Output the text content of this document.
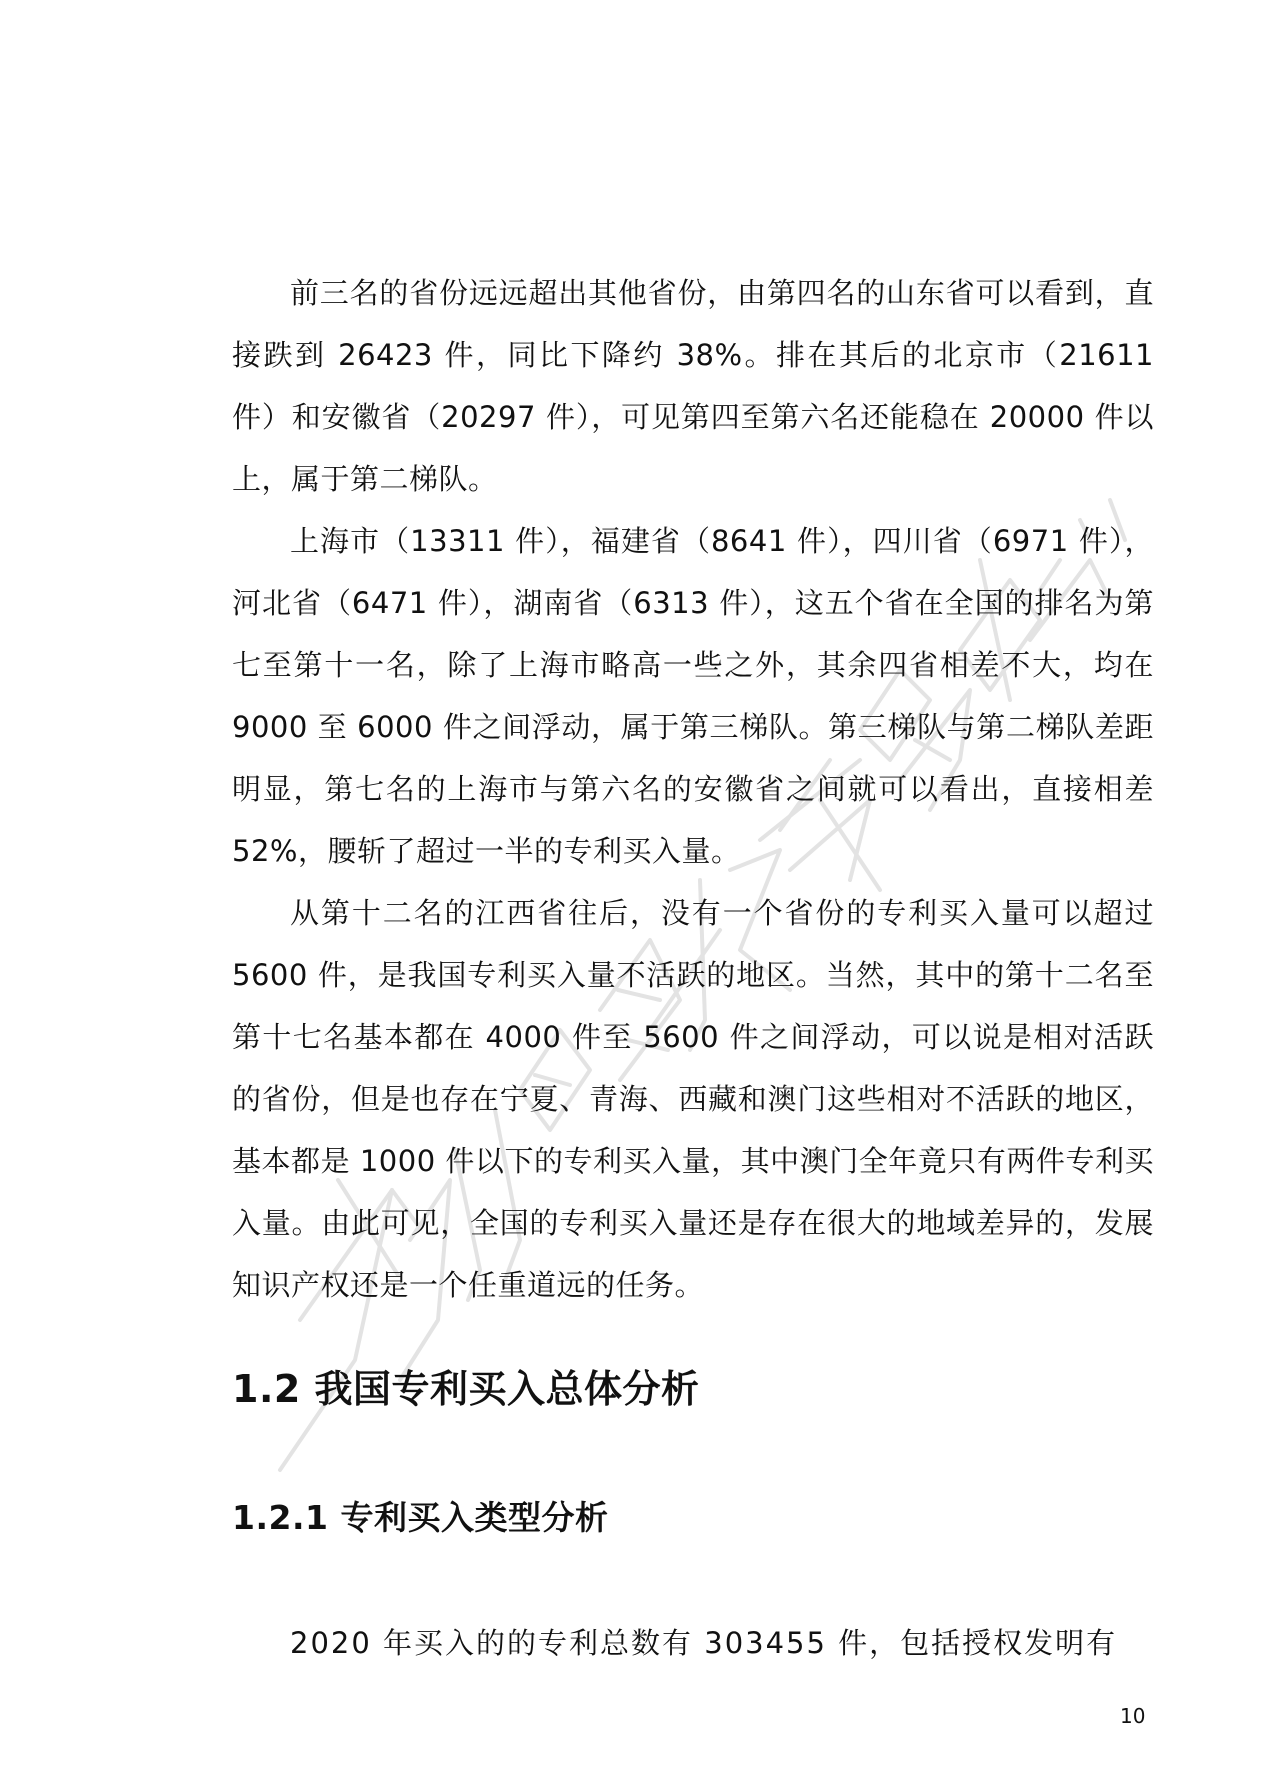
前三名的省份远远超出其他省份，由第四名的山东省可以看到，直接跌到 26423 件，同比下降约 38%。排在其后的北京市（21611 件）和安徽省（20297 件），可见第四至第六名还能稳在 20000 件以上，属于第二梯队。

上海市（13311 件），福建省（8641 件），四川省（6971 件），河北省（6471 件），湖南省（6313 件），这五个省在全国的排名为第七至第十一名，除了上海市略高一些之外，其余四省相差不大，均在 9000 至 6000 件之间浮动，属于第三梯队。第三梯队与第二梯队差距明显，第七名的上海市与第六名的安徽省之间就可以看出，直接相差 52%，腰斩了超过一半的专利买入量。

从第十二名的江西省往后，没有一个省份的专利买入量可以超过 5600 件，是我国专利买入量不活跃的地区。当然，其中的第十二名至第十七名基本都在 4000 件至 5600 件之间浮动，可以说是相对活跃的省份，但是也存在宁夏、青海、西藏和澳门这些相对不活跃的地区，基本都是 1000 件以下的专利买入量，其中澳门全年竟只有两件专利买入量。由此可见，全国的专利买入量还是存在很大的地域差异的，发展知识产权还是一个任重道远的任务。

1.2 我国专利买入总体分析
1.2.1 专利买入类型分析

2020 年买入的的专利总数有 303455 件，包括授权发明有

10
